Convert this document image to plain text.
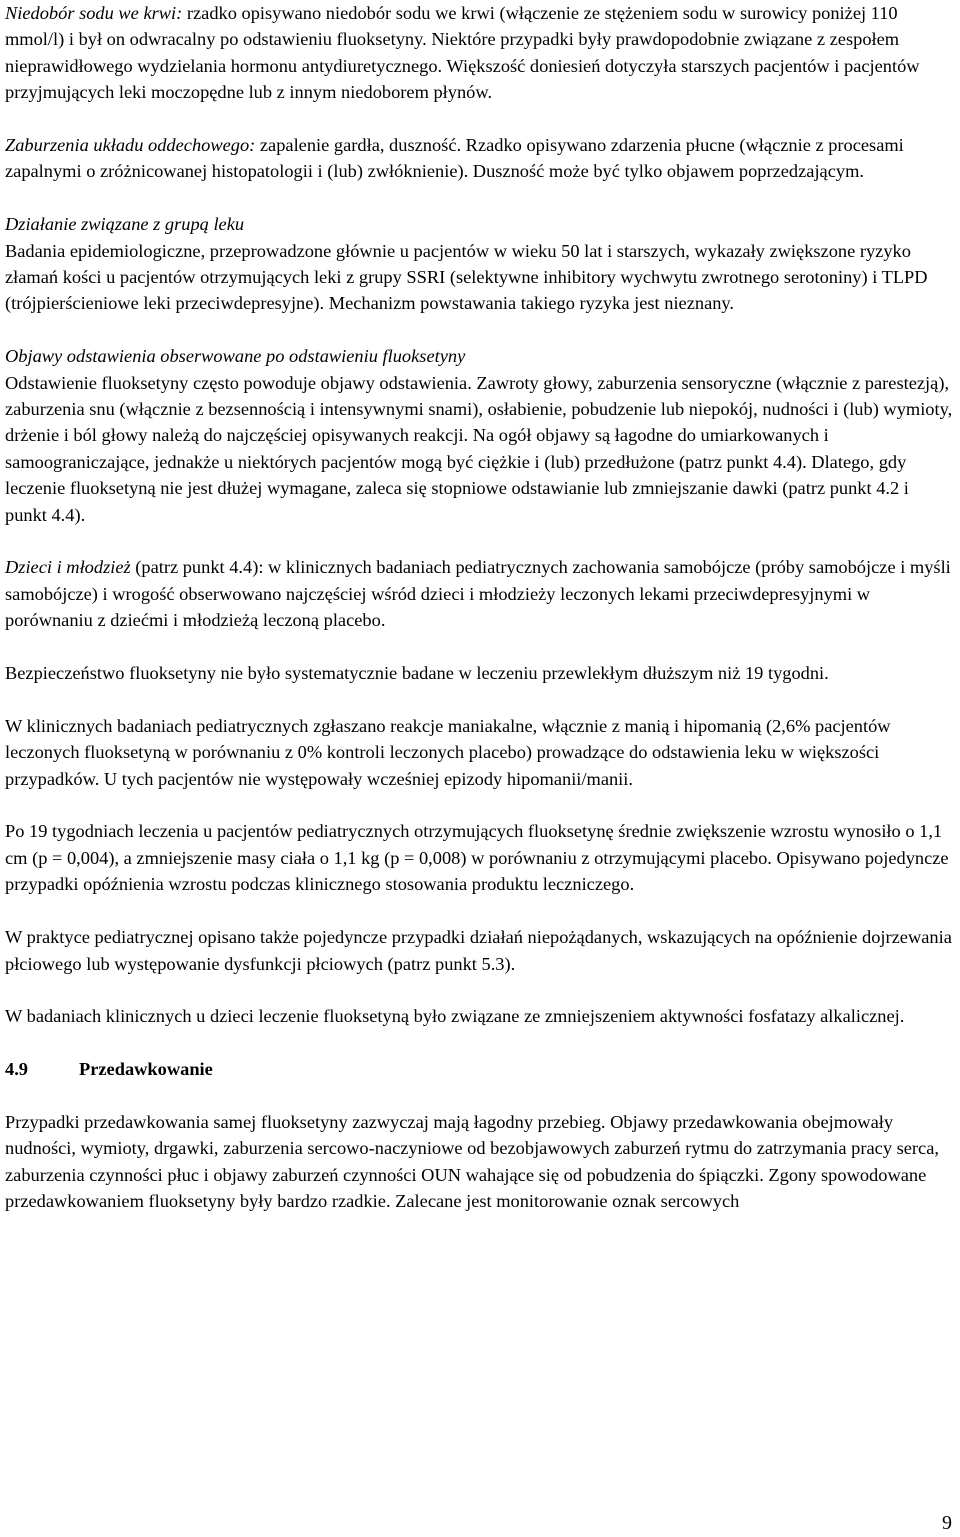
Niedobór sodu we krwi: rzadko opisywano niedobór sodu we krwi (włączenie ze stężeniem sodu w surowicy poniżej 110 mmol/l) i był on odwracalny po odstawieniu fluoksetyny. Niektóre przypadki były prawdopodobnie związane z zespołem nieprawidłowego wydzielania hormonu antydiuretycznego. Większość doniesień dotyczyła starszych pacjentów i pacjentów przyjmujących leki moczopędne lub z innym niedoborem płynów.

Zaburzenia układu oddechowego: zapalenie gardła, duszność. Rzadko opisywano zdarzenia płucne (włącznie z procesami zapalnymi o zróżnicowanej histopatologii i (lub) zwłóknienie). Duszność może być tylko objawem poprzedzającym.

Działanie związane z grupą leku

Badania epidemiologiczne, przeprowadzone głównie u pacjentów w wieku 50 lat i starszych, wykazały zwiększone ryzyko złamań kości u pacjentów otrzymujących leki z grupy SSRI (selektywne inhibitory wychwytu zwrotnego serotoniny) i TLPD (trójpierścieniowe leki przeciwdepresyjne). Mechanizm powstawania takiego ryzyka jest nieznany.

Objawy odstawienia obserwowane po odstawieniu fluoksetyny

Odstawienie fluoksetyny często powoduje objawy odstawienia. Zawroty głowy, zaburzenia sensoryczne (włącznie z parestezją), zaburzenia snu (włącznie z bezsennością i intensywnymi snami), osłabienie, pobudzenie lub niepokój, nudności i (lub) wymioty, drżenie i ból głowy należą do najczęściej opisywanych reakcji. Na ogół objawy są łagodne do umiarkowanych i samoograniczające, jednakże u niektórych pacjentów mogą być ciężkie i (lub) przedłużone (patrz punkt 4.4). Dlatego, gdy leczenie fluoksetyną nie jest dłużej wymagane, zaleca się stopniowe odstawianie lub zmniejszanie dawki (patrz punkt 4.2 i punkt 4.4).

Dzieci i młodzież (patrz punkt 4.4): w klinicznych badaniach pediatrycznych zachowania samobójcze (próby samobójcze i myśli samobójcze) i wrogość obserwowano najczęściej wśród dzieci i młodzieży leczonych lekami przeciwdepresyjnymi w porównaniu z dziećmi i młodzieżą leczoną placebo.

Bezpieczeństwo fluoksetyny nie było systematycznie badane w leczeniu przewlekłym dłuższym niż 19 tygodni.

W klinicznych badaniach pediatrycznych zgłaszano reakcje maniakalne, włącznie z manią i hipomanią (2,6% pacjentów leczonych fluoksetyną w porównaniu z 0% kontroli leczonych placebo) prowadzące do odstawienia leku w większości przypadków. U tych pacjentów nie występowały wcześniej epizody hipomanii/manii.

Po 19 tygodniach leczenia u pacjentów pediatrycznych otrzymujących fluoksetynę średnie zwiększenie wzrostu wynosiło o 1,1 cm (p = 0,004), a zmniejszenie masy ciała o 1,1 kg (p = 0,008) w porównaniu z otrzymującymi placebo. Opisywano pojedyncze przypadki opóźnienia wzrostu podczas klinicznego stosowania produktu leczniczego.

W praktyce pediatrycznej opisano także pojedyncze przypadki działań niepożądanych, wskazujących na opóźnienie dojrzewania płciowego lub występowanie dysfunkcji płciowych (patrz punkt 5.3).

W badaniach klinicznych u dzieci leczenie fluoksetyną było związane ze zmniejszeniem aktywności fosfatazy alkalicznej.

4.9	Przedawkowanie

Przypadki przedawkowania samej fluoksetyny zazwyczaj mają łagodny przebieg. Objawy przedawkowania obejmowały nudności, wymioty, drgawki, zaburzenia sercowo-naczyniowe od bezobjawowych zaburzeń rytmu do zatrzymania pracy serca, zaburzenia czynności płuc i objawy zaburzeń czynności OUN wahające się od pobudzenia do śpiączki. Zgony spowodowane przedawkowaniem fluoksetyny były bardzo rzadkie. Zalecane jest monitorowanie oznak sercowych

9
